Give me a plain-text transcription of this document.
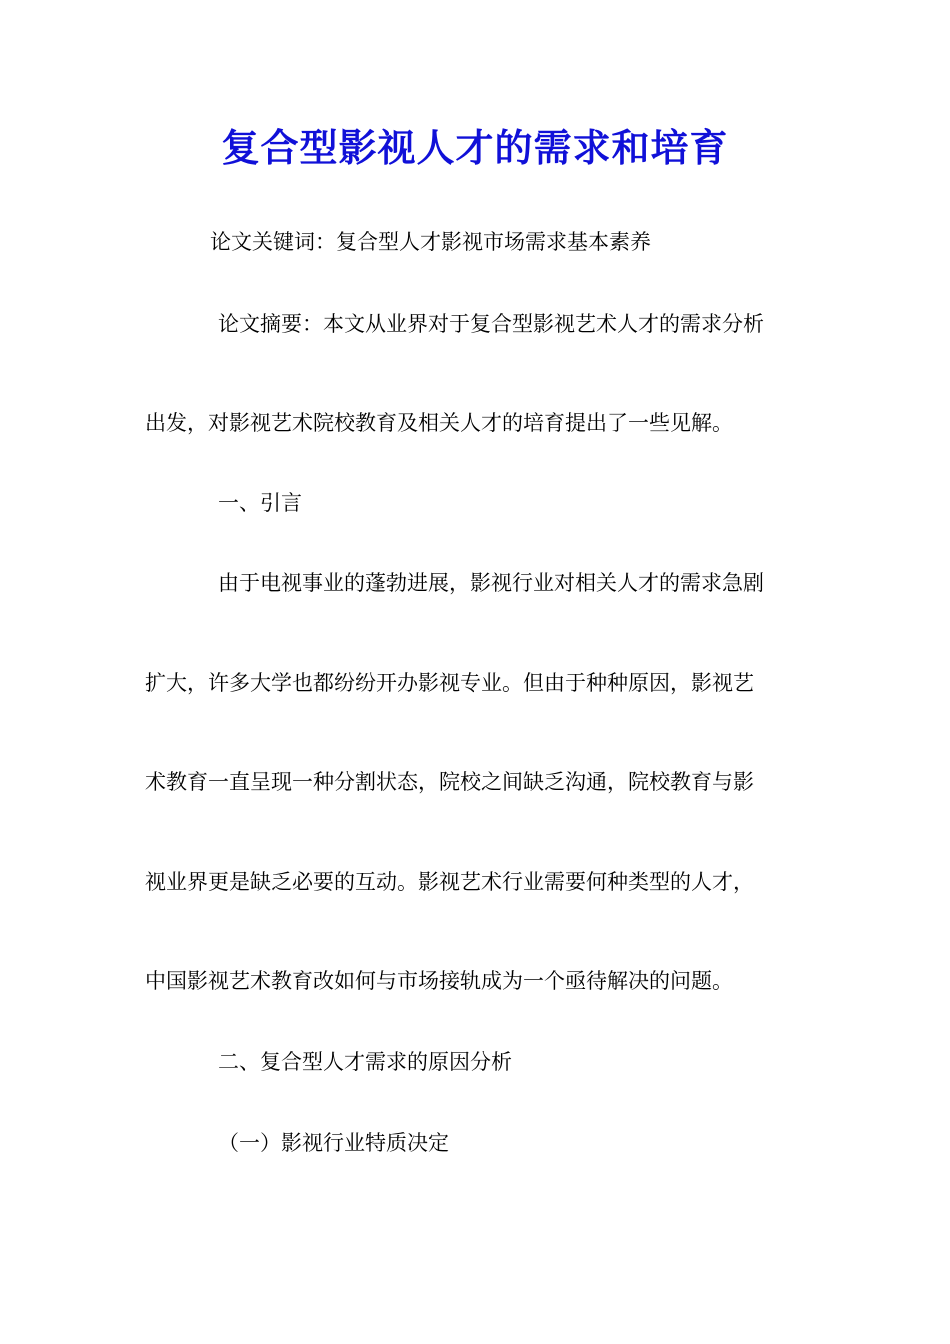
复合型影视人才的需求和培育
论文关键词：复合型人才影视市场需求基本素养
论文摘要：本文从业界对于复合型影视艺术人才的需求分析
出发，对影视艺术院校教育及相关人才的培育提出了一些见解。
一、引言
由于电视事业的蓬勃进展，影视行业对相关人才的需求急剧
扩大，许多大学也都纷纷开办影视专业。但由于种种原因，影视艺
术教育一直呈现一种分割状态，院校之间缺乏沟通，院校教育与影
视业界更是缺乏必要的互动。影视艺术行业需要何种类型的人才，
中国影视艺术教育改如何与市场接轨成为一个亟待解决的问题。
二、复合型人才需求的原因分析
（一）影视行业特质决定
